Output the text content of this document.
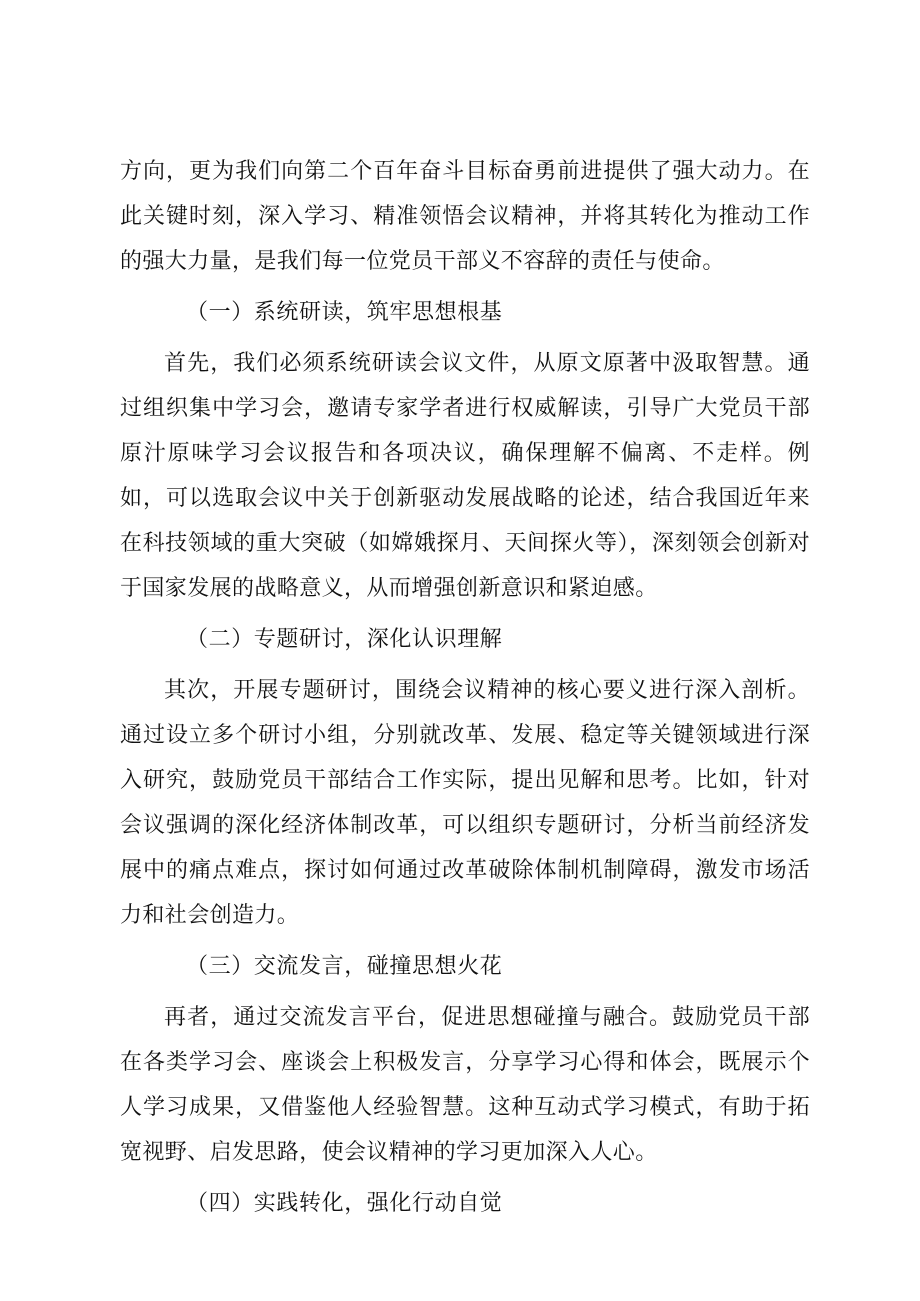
方向，更为我们向第二个百年奋斗目标奋勇前进提供了强大动力。在此关键时刻，深入学习、精准领悟会议精神，并将其转化为推动工作的强大力量，是我们每一位党员干部义不容辞的责任与使命。

（一）系统研读，筑牢思想根基

首先，我们必须系统研读会议文件，从原文原著中汲取智慧。通过组织集中学习会，邀请专家学者进行权威解读，引导广大党员干部原汁原味学习会议报告和各项决议，确保理解不偏离、不走样。例如，可以选取会议中关于创新驱动发展战略的论述，结合我国近年来在科技领域的重大突破（如嫦娥探月、天间探火等），深刻领会创新对于国家发展的战略意义，从而增强创新意识和紧迫感。

（二）专题研讨，深化认识理解

其次，开展专题研讨，围绕会议精神的核心要义进行深入剖析。通过设立多个研讨小组，分别就改革、发展、稳定等关键领域进行深入研究，鼓励党员干部结合工作实际，提出见解和思考。比如，针对会议强调的深化经济体制改革，可以组织专题研讨，分析当前经济发展中的痛点难点，探讨如何通过改革破除体制机制障碍，激发市场活力和社会创造力。

（三）交流发言，碰撞思想火花

再者，通过交流发言平台，促进思想碰撞与融合。鼓励党员干部在各类学习会、座谈会上积极发言，分享学习心得和体会，既展示个人学习成果，又借鉴他人经验智慧。这种互动式学习模式，有助于拓宽视野、启发思路，使会议精神的学习更加深入人心。

（四）实践转化，强化行动自觉
